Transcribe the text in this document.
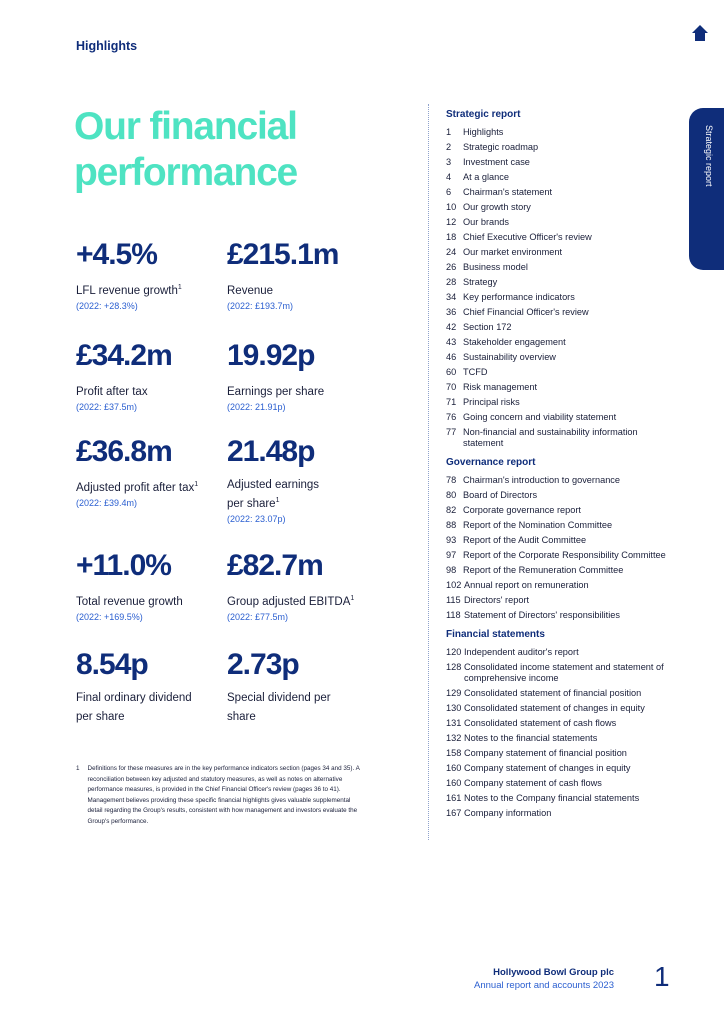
Highlights
Our financial performance
+4.5%
LFL revenue growth$^1$
(2022: +28.3%)
£215.1m
Revenue
(2022: £193.7m)
£34.2m
Profit after tax
(2022: £37.5m)
19.92p
Earnings per share
(2022: 21.91p)
£36.8m
Adjusted profit after tax$^1$
(2022: £39.4m)
21.48p
Adjusted earnings per share$^1$
(2022: 23.07p)
+11.0%
Total revenue growth
(2022: +169.5%)
£82.7m
Group adjusted EBITDA$^1$
(2022: £77.5m)
8.54p
Final ordinary dividend per share
2.73p
Special dividend per share
1 Definitions for these measures are in the key performance indicators section (pages 34 and 35). A reconciliation between key adjusted and statutory measures, as well as notes on alternative performance measures, is provided in the Chief Financial Officer's review (pages 36 to 41). Management believes providing these specific financial highlights gives valuable supplemental detail regarding the Group's results, consistent with how management and investors evaluate the Group's performance.
Strategic report
1	Highlights
2	Strategic roadmap
3	Investment case
4	At a glance
6	Chairman's statement
10 Our growth story
12 Our brands
18 Chief Executive Officer's review
24 Our market environment
26 Business model
28 Strategy
34 Key performance indicators
36 Chief Financial Officer's review
42 Section 172
43 Stakeholder engagement
46 Sustainability overview
60 TCFD
70 Risk management
71 Principal risks
76 Going concern and viability statement
77 Non-financial and sustainability information statement
Governance report
78 Chairman's introduction to governance
80 Board of Directors
82 Corporate governance report
88 Report of the Nomination Committee
93 Report of the Audit Committee
97 Report of the Corporate Responsibility Committee
98 Report of the Remuneration Committee
102 Annual report on remuneration
115 Directors' report
118 Statement of Directors' responsibilities
Financial statements
120 Independent auditor's report
128 Consolidated income statement and statement of comprehensive income
129 Consolidated statement of financial position
130 Consolidated statement of changes in equity
131 Consolidated statement of cash flows
132 Notes to the financial statements
158 Company statement of financial position
160 Company statement of changes in equity
160 Company statement of cash flows
161 Notes to the Company financial statements
167 Company information
Strategic report
Hollywood Bowl Group plc
Annual report and accounts 2023 1
